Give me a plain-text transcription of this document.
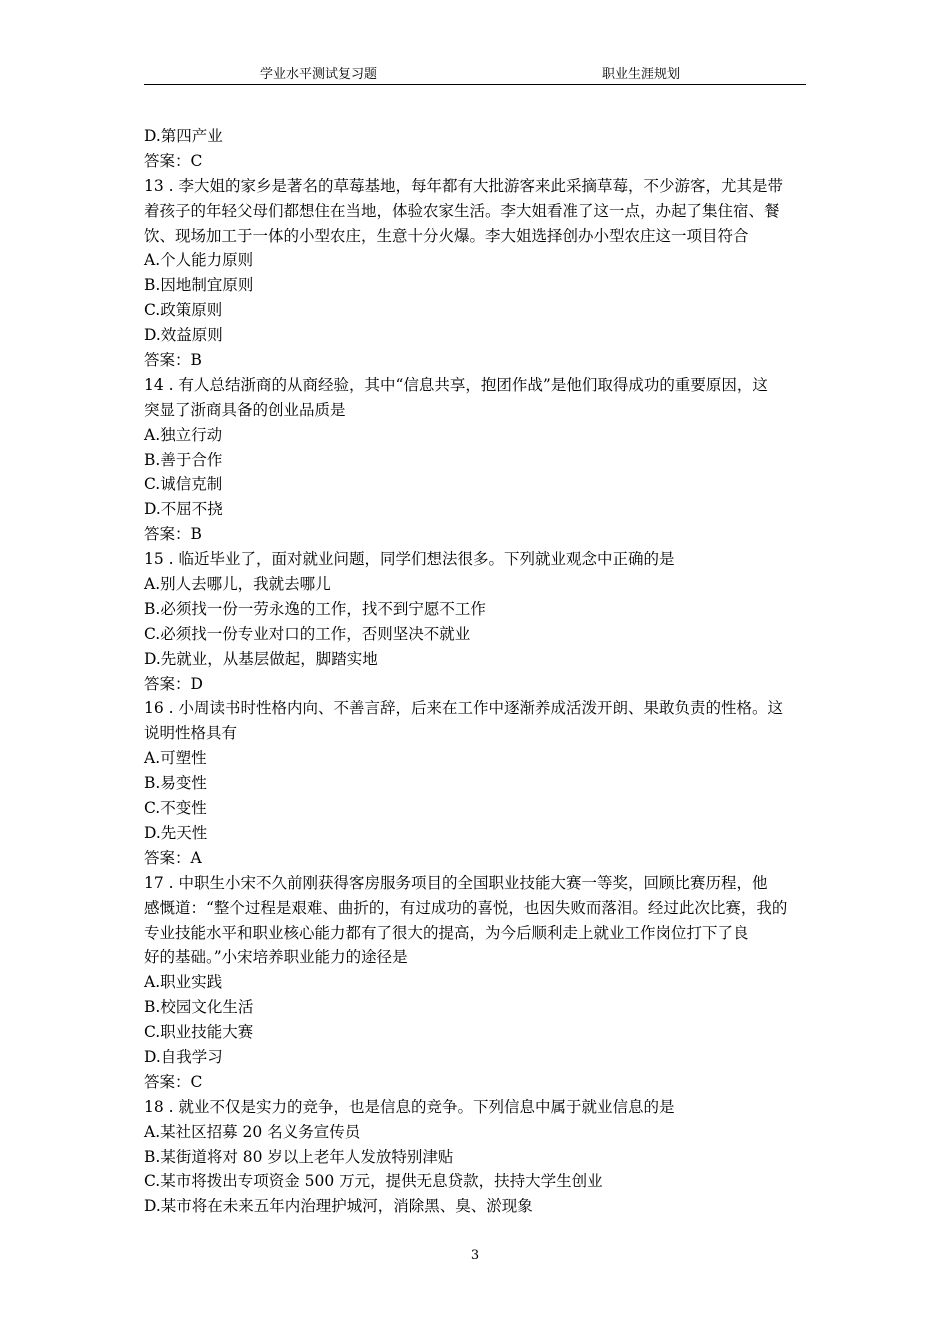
学业水平测试复习题	职业生涯规划
D.第四产业
答案：C
13 . 李大姐的家乡是著名的草莓基地，每年都有大批游客来此采摘草莓，不少游客，尤其是带
着孩子的年轻父母们都想住在当地，体验农家生活。李大姐看准了这一点，办起了集住宿、餐
饮、现场加工于一体的小型农庄，生意十分火爆。李大姐选择创办小型农庄这一项目符合
A.个人能力原则
B.因地制宜原则
C.政策原则
D.效益原则
答案：B
14 . 有人总结浙商的从商经验，其中“信息共享，抱团作战”是他们取得成功的重要原因，这
突显了浙商具备的创业品质是
A.独立行动
B.善于合作
C.诚信克制
D.不屈不挠
答案：B
15 . 临近毕业了，面对就业问题，同学们想法很多。下列就业观念中正确的是
A.别人去哪儿，我就去哪儿
B.必须找一份一劳永逸的工作，找不到宁愿不工作
C.必须找一份专业对口的工作，否则坚决不就业
D.先就业，从基层做起，脚踏实地
答案：D
16 . 小周读书时性格内向、不善言辞，后来在工作中逐渐养成活泼开朗、果敢负责的性格。这
说明性格具有
A.可塑性
B.易变性
C.不变性
D.先天性
答案：A
17 . 中职生小宋不久前刚获得客房服务项目的全国职业技能大赛一等奖，回顾比赛历程，他
感慨道：“整个过程是艰难、曲折的，有过成功的喜悦，也因失败而落泪。经过此次比赛，我的
专业技能水平和职业核心能力都有了很大的提高，为今后顺利走上就业工作岗位打下了良
好的基础。”小宋培养职业能力的途径是
A.职业实践
B.校园文化生活
C.职业技能大赛
D.自我学习
答案：C
18 . 就业不仅是实力的竞争，也是信息的竞争。下列信息中属于就业信息的是
A.某社区招募 20 名义务宣传员
B.某街道将对 80 岁以上老年人发放特别津贴
C.某市将拨出专项资金 500 万元，提供无息贷款，扶持大学生创业
D.某市将在未来五年内治理护城河，消除黑、臭、淤现象
3
